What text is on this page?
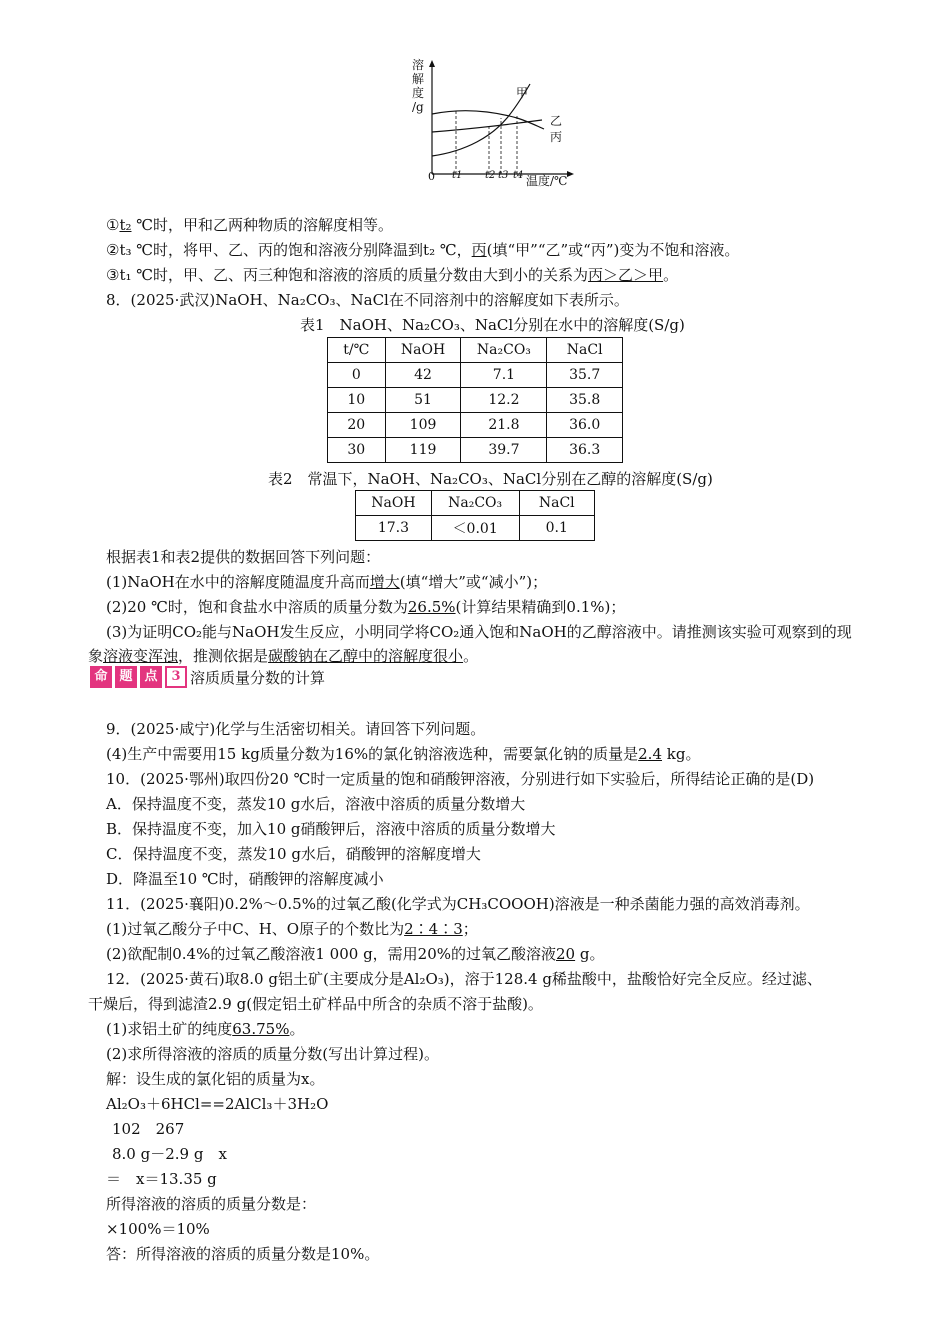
溶
解
度
/g
甲
乙
丙
0 t1 t2 t3 t4 温度/℃
①t₂ ℃时，甲和乙两种物质的溶解度相等。
②t₃ ℃时，将甲、乙、丙的饱和溶液分别降温到t₂ ℃，丙(填“甲”“乙”或“丙”)变为不饱和溶液。
③t₁ ℃时，甲、乙、丙三种饱和溶液的溶质的质量分数由大到小的关系为丙＞乙＞甲。
8．(2025·武汉)NaOH、Na₂CO₃、NaCl在不同溶剂中的溶解度如下表所示。
表1　NaOH、Na₂CO₃、NaCl分别在水中的溶解度(S/g)
t/℃	NaOH	Na₂CO₃	NaCl
0	42	7.1	35.7
10	51	12.2	35.8
20	109	21.8	36.0
30	119	39.7	36.3
表2　常温下，NaOH、Na₂CO₃、NaCl分别在乙醇的溶解度(S/g)
NaOH	Na₂CO₃	NaCl
17.3	＜0.01	0.1
根据表1和表2提供的数据回答下列问题：
(1)NaOH在水中的溶解度随温度升高而增大(填“增大”或“减小”)；
(2)20 ℃时，饱和食盐水中溶质的质量分数为26.5%(计算结果精确到0.1%)；
(3)为证明CO₂能与NaOH发生反应，小明同学将CO₂通入饱和NaOH的乙醇溶液中。请推测该实验可观察到的现
象溶液变浑浊，推测依据是碳酸钠在乙醇中的溶解度很小。
命 题 点	3 溶质质量分数的计算
9．(2025·咸宁)化学与生活密切相关。请回答下列问题。
(4)生产中需要用15 kg质量分数为16%的氯化钠溶液选种，需要氯化钠的质量是2.4 kg。
10．(2025·鄂州)取四份20 ℃时一定质量的饱和硝酸钾溶液，分别进行如下实验后，所得结论正确的是(D)
A．保持温度不变，蒸发10 g水后，溶液中溶质的质量分数增大
B．保持温度不变，加入10 g硝酸钾后，溶液中溶质的质量分数增大
C．保持温度不变，蒸发10 g水后，硝酸钾的溶解度增大
D．降温至10 ℃时，硝酸钾的溶解度减小
11．(2025·襄阳)0.2%～0.5%的过氧乙酸(化学式为CH₃COOOH)溶液是一种杀菌能力强的高效消毒剂。
(1)过氧乙酸分子中C、H、O原子的个数比为2∶4∶3；
(2)欲配制0.4%的过氧乙酸溶液1 000 g，需用20%的过氧乙酸溶液20 g。
12．(2025·黄石)取8.0 g铝土矿(主要成分是Al₂O₃)，溶于128.4 g稀盐酸中，盐酸恰好完全反应。经过滤、
干燥后，得到滤渣2.9 g(假定铝土矿样品中所含的杂质不溶于盐酸)。
(1)求铝土矿的纯度63.75%。
(2)求所得溶液的溶质的质量分数(写出计算过程)。
解：设生成的氯化铝的质量为x。
Al₂O₃＋6HCl==2AlCl₃＋3H₂O
102　267
8.0 g－2.9 g　x
＝　x＝13.35 g
所得溶液的溶质的质量分数是：
×100%＝10%
答：所得溶液的溶质的质量分数是10%。
